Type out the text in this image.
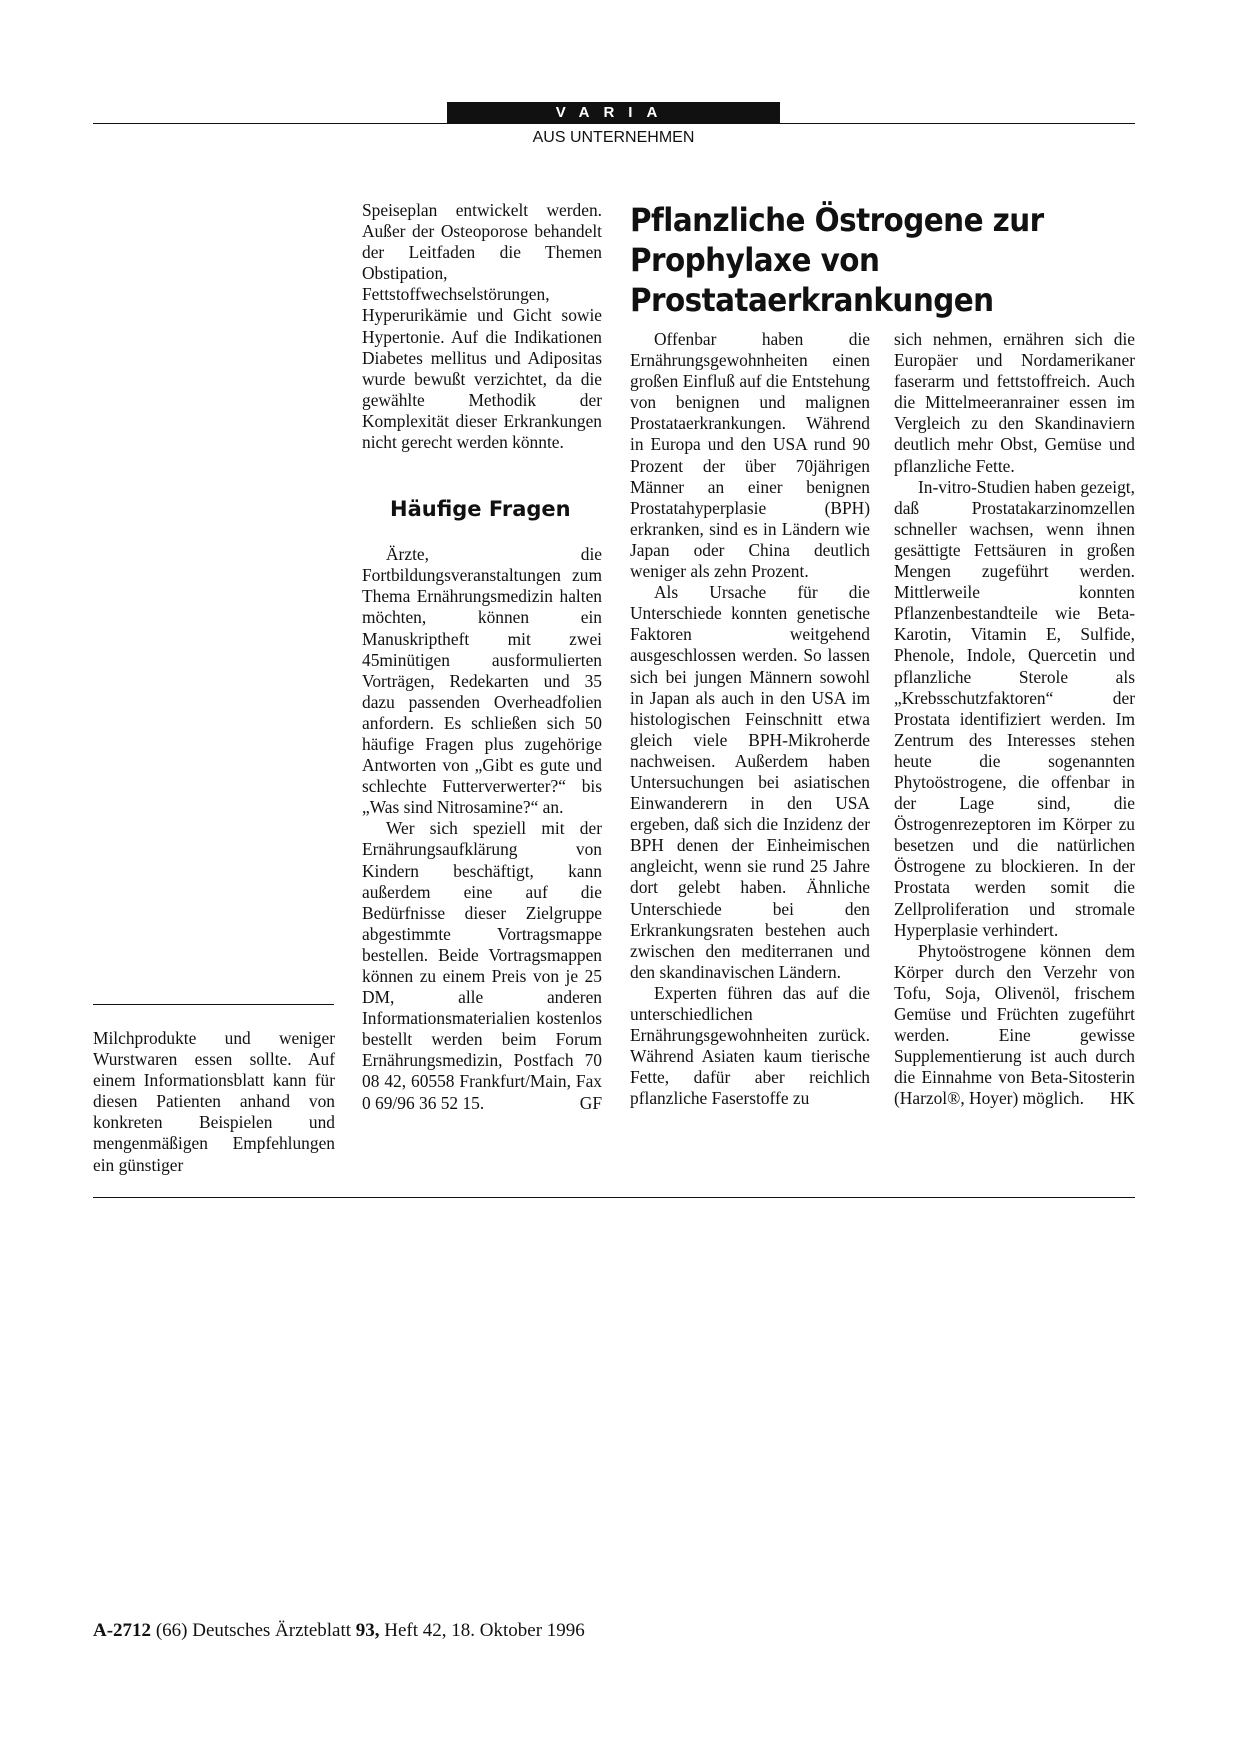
VARIA
AUS UNTERNEHMEN

Milchprodukte und weniger Wurstwaren essen sollte. Auf einem Informationsblatt kann für diesen Patienten anhand von konkreten Beispielen und mengenmäßigen Empfehlungen ein günstiger

Speiseplan entwickelt werden. Außer der Osteoporose behandelt der Leitfaden die Themen Obstipation, Fettstoffwechselstörungen, Hyperurikämie und Gicht sowie Hypertonie. Auf die Indikationen Diabetes mellitus und Adipositas wurde bewußt verzichtet, da die gewählte Methodik der Komplexität dieser Erkrankungen nicht gerecht werden könnte.

Häufige Fragen

Ärzte, die Fortbildungsveranstaltungen zum Thema Ernährungsmedizin halten möchten, können ein Manuskriptheft mit zwei 45minütigen ausformulierten Vorträgen, Redekarten und 35 dazu passenden Overheadfolien anfordern. Es schließen sich 50 häufige Fragen plus zugehörige Antworten von „Gibt es gute und schlechte Futterverwerter?“ bis „Was sind Nitrosamine?“ an.

Wer sich speziell mit der Ernährungsaufklärung von Kindern beschäftigt, kann außerdem eine auf die Bedürfnisse dieser Zielgruppe abgestimmte Vortragsmappe bestellen. Beide Vortragsmappen können zu einem Preis von je 25 DM, alle anderen Informationsmaterialien kostenlos bestellt werden beim Forum Ernährungsmedizin, Postfach 70 08 42, 60558 Frankfurt/Main, Fax 0 69/96 36 52 15.	GF

Pflanzliche Östrogene zur Prophylaxe von Prostataerkrankungen

Offenbar haben die Ernährungsgewohnheiten einen großen Einfluß auf die Entstehung von benignen und malignen Prostataerkrankungen. Während in Europa und den USA rund 90 Prozent der über 70jährigen Männer an einer benignen Prostatahyperplasie (BPH) erkranken, sind es in Ländern wie Japan oder China deutlich weniger als zehn Prozent.

Als Ursache für die Unterschiede konnten genetische Faktoren weitgehend ausgeschlossen werden. So lassen sich bei jungen Männern sowohl in Japan als auch in den USA im histologischen Feinschnitt etwa gleich viele BPH-Mikroherde nachweisen. Außerdem haben Untersuchungen bei asiatischen Einwanderern in den USA ergeben, daß sich die Inzidenz der BPH denen der Einheimischen angleicht, wenn sie rund 25 Jahre dort gelebt haben. Ähnliche Unterschiede bei den Erkrankungsraten bestehen auch zwischen den mediterranen und den skandinavischen Ländern.

Experten führen das auf die unterschiedlichen Ernährungsgewohnheiten zurück. Während Asiaten kaum tierische Fette, dafür aber reichlich pflanzliche Faserstoffe zu

sich nehmen, ernähren sich die Europäer und Nordamerikaner faserarm und fettstoffreich. Auch die Mittelmeeranrainer essen im Vergleich zu den Skandinaviern deutlich mehr Obst, Gemüse und pflanzliche Fette.

In-vitro-Studien haben gezeigt, daß Prostatakarzinomzellen schneller wachsen, wenn ihnen gesättigte Fettsäuren in großen Mengen zugeführt werden. Mittlerweile konnten Pflanzenbestandteile wie Beta-Karotin, Vitamin E, Sulfide, Phenole, Indole, Quercetin und pflanzliche Sterole als „Krebsschutzfaktoren“ der Prostata identifiziert werden. Im Zentrum des Interesses stehen heute die sogenannten Phytoöstrogene, die offenbar in der Lage sind, die Östrogenrezeptoren im Körper zu besetzen und die natürlichen Östrogene zu blockieren. In der Prostata werden somit die Zellproliferation und stromale Hyperplasie verhindert.

Phytoöstrogene können dem Körper durch den Verzehr von Tofu, Soja, Olivenöl, frischem Gemüse und Früchten zugeführt werden. Eine gewisse Supplementierung ist auch durch die Einnahme von Beta-Sitosterin (Harzol®, Hoyer) möglich.	HK

A-2712 (66) Deutsches Ärzteblatt 93, Heft 42, 18. Oktober 1996
